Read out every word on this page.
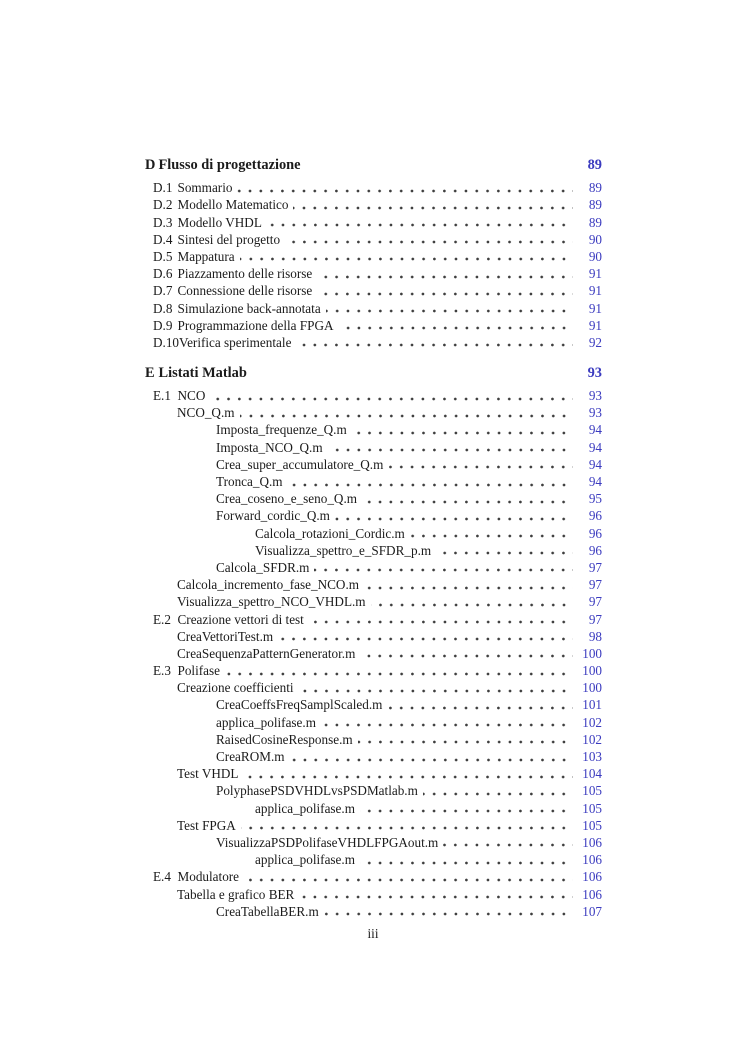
D Flusso di progettazione	89
D.1 Sommario	89
D.2 Modello Matematico	89
D.3 Modello VHDL	89
D.4 Sintesi del progetto	90
D.5 Mappatura	90
D.6 Piazzamento delle risorse	91
D.7 Connessione delle risorse	91
D.8 Simulazione back-annotata	91
D.9 Programmazione della FPGA	91
D.10 Verifica sperimentale	92
E Listati Matlab	93
E.1 NCO	93
NCO_Q.m	93
Imposta_frequenze_Q.m	94
Imposta_NCO_Q.m	94
Crea_super_accumulatore_Q.m	94
Tronca_Q.m	94
Crea_coseno_e_seno_Q.m	95
Forward_cordic_Q.m	96
Calcola_rotazioni_Cordic.m	96
Visualizza_spettro_e_SFDR_p.m	96
Calcola_SFDR.m	97
Calcola_incremento_fase_NCO.m	97
Visualizza_spettro_NCO_VHDL.m	97
E.2 Creazione vettori di test	97
CreaVettoriTest.m	98
CreaSequenzaPatternGenerator.m	100
E.3 Polifase	100
Creazione coefficienti	100
CreaCoeffsFreqSamplScaled.m	101
applica_polifase.m	102
RaisedCosineResponse.m	102
CreaROM.m	103
Test VHDL	104
PolyphasePSDVHDLvsPSDMatlab.m	105
applica_polifase.m	105
Test FPGA	105
VisualizzaPSDPolifaseVHDLFPGAout.m	106
applica_polifase.m	106
E.4 Modulatore	106
Tabella e grafico BER	106
CreaTabellaBER.m	107
iii
